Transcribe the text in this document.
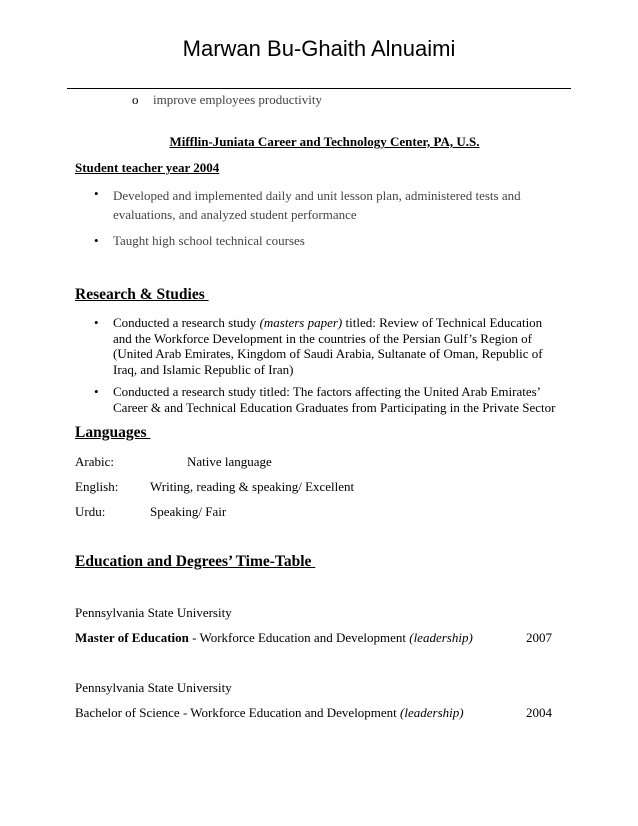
Marwan Bu-Ghaith Alnuaimi
o improve employees productivity
Mifflin-Juniata Career and Technology Center, PA, U.S.
Student teacher year 2004
• Developed and implemented daily and unit lesson plan, administered tests and evaluations, and analyzed student performance
• Taught high school technical courses
Research & Studies
• Conducted a research study (masters paper) titled: Review of Technical Education and the Workforce Development in the countries of the Persian Gulf’s Region of (United Arab Emirates, Kingdom of Saudi Arabia, Sultanate of Oman, Republic of Iraq, and Islamic Republic of Iran)
• Conducted a research study titled: The factors affecting the United Arab Emirates’ Career & and Technical Education Graduates from Participating in the Private Sector
Languages
Arabic:	Native language
English: Writing, reading & speaking/ Excellent
Urdu:	Speaking/ Fair
Education and Degrees’ Time-Table
Pennsylvania State University
Master of Education - Workforce Education and Development (leadership)	2007
Pennsylvania State University
Bachelor of Science - Workforce Education and Development (leadership)	2004
